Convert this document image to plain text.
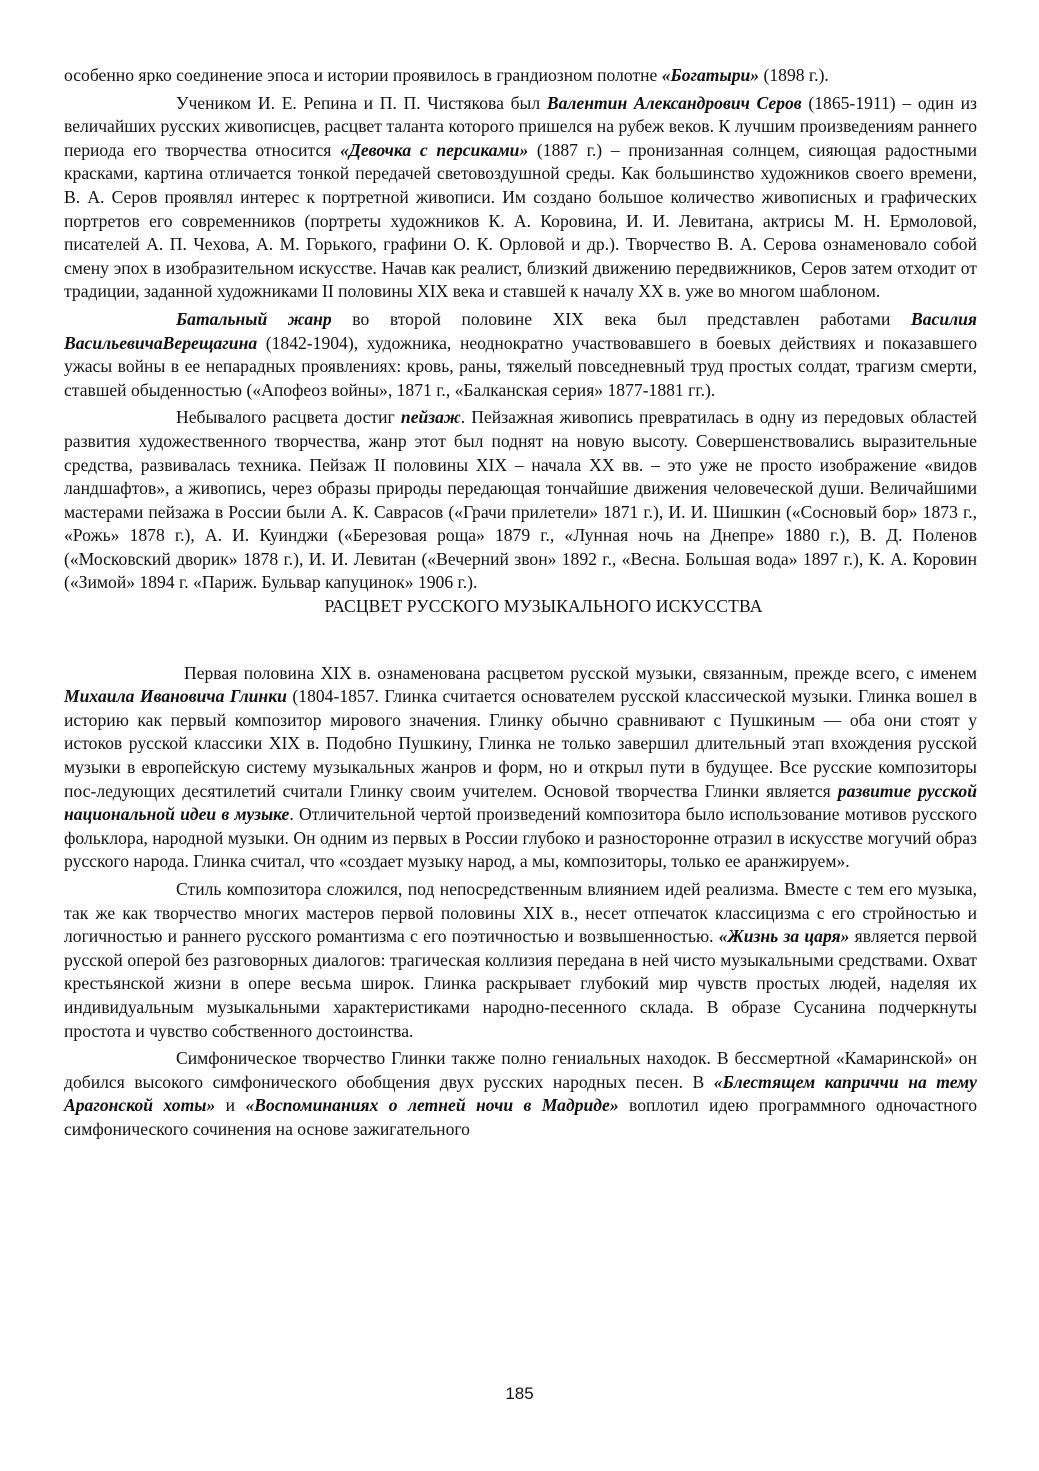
особенно ярко соединение эпоса и истории проявилось в грандиозном полотне «Богатыри» (1898 г.).

Учеником И. Е. Репина и П. П. Чистякова был Валентин Александрович Серов (1865-1911) – один из величайших русских живописцев, расцвет таланта которого пришелся на рубеж веков. К лучшим произведениям раннего периода его творчества относится «Девочка с персиками» (1887 г.) – пронизанная солнцем, сияющая радостными красками, картина отличается тонкой передачей световоздушной среды. Как большинство художников своего времени, В. А. Серов проявлял интерес к портретной живописи. Им создано большое количество живописных и графических портретов его современников (портреты художников К. А. Коровина, И. И. Левитана, актрисы М. Н. Ермоловой, писателей А. П. Чехова, А. М. Горького, графини О. К. Орловой и др.). Творчество В. А. Серова ознаменовало собой смену эпох в изобразительном искусстве. Начав как реалист, близкий движению передвижников, Серов затем отходит от традиции, заданной художниками II половины XIX века и ставшей к началу XX в. уже во многом шаблоном.

Батальный жанр во второй половине XIX века был представлен работами Василия ВасильевичаВерещагина (1842-1904), художника, неоднократно участвовавшего в боевых действиях и показавшего ужасы войны в ее непарадных проявлениях: кровь, раны, тяжелый повседневный труд простых солдат, трагизм смерти, ставшей обыденностью («Апофеоз войны», 1871 г., «Балканская серия» 1877-1881 гг.).

Небывалого расцвета достиг пейзаж. Пейзажная живопись превратилась в одну из передовых областей развития художественного творчества, жанр этот был поднят на новую высоту. Совершенствовались выразительные средства, развивалась техника. Пейзаж II половины XIX – начала XX вв. – это уже не просто изображение «видов ландшафтов», а живопись, через образы природы передающая тончайшие движения человеческой души. Величайшими мастерами пейзажа в России были А. К. Саврасов («Грачи прилетели» 1871 г.), И. И. Шишкин («Сосновый бор» 1873 г., «Рожь» 1878 г.), А. И. Куинджи («Березовая роща» 1879 г., «Лунная ночь на Днепре» 1880 г.), В. Д. Поленов («Московский дворик» 1878 г.), И. И. Левитан («Вечерний звон» 1892 г., «Весна. Большая вода» 1897 г.), К. А. Коровин («Зимой» 1894 г. «Париж. Бульвар капуцинок» 1906 г.).

РАСЦВЕТ РУССКОГО МУЗЫКАЛЬНОГО ИСКУССТВА

Первая половина XIX в. ознаменована расцветом русской музыки, связанным, прежде всего, с именем Михаила Ивановича Глинки (1804-1857. Глинка считается основателем русской классической музыки. Глинка вошел в историю как первый композитор мирового значения. Глинку обычно сравнивают с Пушкиным — оба они стоят у истоков русской классики XIX в. Подобно Пушкину, Глинка не только завершил длительный этап вхождения русской музыки в европейскую систему музыкальных жанров и форм, но и открыл пути в будущее. Все русские композиторы пос-ледующих десятилетий считали Глинку своим учителем. Основой творчества Глинки является развитие русской национальной идеи в музыке. Отличительной чертой произведений композитора было использование мотивов русского фольклора, народной музыки. Он одним из первых в России глубоко и разносторонне отразил в искусстве могучий образ русского народа. Глинка считал, что «создает музыку народ, а мы, композиторы, только ее аранжируем».

Стиль композитора сложился, под непосредственным влиянием идей реализма. Вместе с тем его музыка, так же как творчество многих мастеров первой половины XIX в., несет отпечаток классицизма с его стройностью и логичностью и раннего русского романтизма с его поэтичностью и возвышенностью. «Жизнь за царя» является первой русской оперой без разговорных диалогов: трагическая коллизия передана в ней чисто музыкальными средствами. Охват крестьянской жизни в опере весьма широк. Глинка раскрывает глубокий мир чувств простых людей, наделяя их индивидуальным музыкальными характеристиками народно-песенного склада. В образе Сусанина подчеркнуты простота и чувство собственного достоинства.

Симфоническое творчество Глинки также полно гениальных находок. В бессмертной «Камаринской» он добился высокого симфонического обобщения двух русских народных песен. В «Блестящем каприччи на тему Арагонской хоты» и «Воспоминаниях о летней ночи в Мадриде» воплотил идею программного одночастного симфонического сочинения на основе зажигательного

185
